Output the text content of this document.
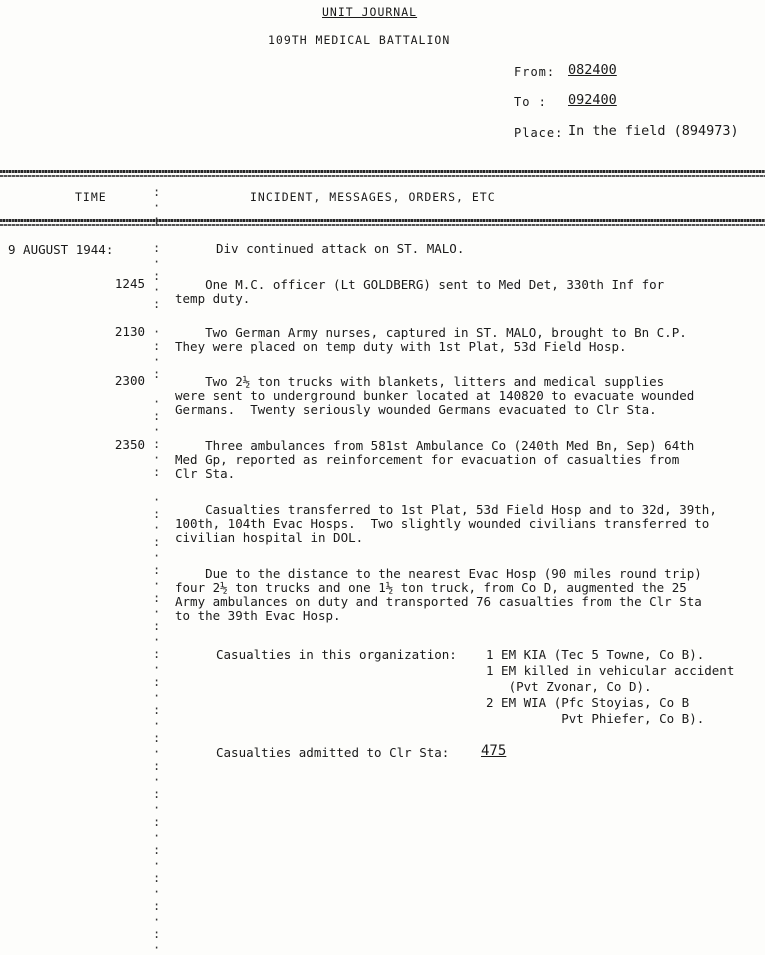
UNIT JOURNAL
109TH MEDICAL BATTALION
From: 082400
To : 092400
Place: In the field (894973)
TIME	INCIDENT, MESSAGES, ORDERS, ETC
:
·
:

:
·
:
·
:

·
:
·
:

·
:
·
:
·
:

·
:
·
:
·
:
·
:
·
:
·
:
·
:
·
:
·
:
·
:
·
:
·
:
·
:
·
:
·
:
·
:
·
9 AUGUST 1944:	Div continued attack on ST. MALO.
1245 One M.C. officer (Lt GOLDBERG) sent to Med Det, 330th Inf for
temp duty.
2130 Two German Army nurses, captured in ST. MALO, brought to Bn C.P.
They were placed on temp duty with 1st Plat, 53d Field Hosp.
2300 Two 2½ ton trucks with blankets, litters and medical supplies
were sent to underground bunker located at 140820 to evacuate wounded
Germans.  Twenty seriously wounded Germans evacuated to Clr Sta.
2350 Three ambulances from 581st Ambulance Co (240th Med Bn, Sep) 64th
Med Gp, reported as reinforcement for evacuation of casualties from
Clr Sta.
Casualties transferred to 1st Plat, 53d Field Hosp and to 32d, 39th,
100th, 104th Evac Hosps.  Two slightly wounded civilians transferred to
civilian hospital in DOL.
Due to the distance to the nearest Evac Hosp (90 miles round trip)
four 2½ ton trucks and one 1½ ton truck, from Co D, augmented the 25
Army ambulances on duty and transported 76 casualties from the Clr Sta
to the 39th Evac Hosp.
Casualties in this organization: 1 EM KIA (Tec 5 Towne, Co B).
1 EM killed in vehicular accident
(Pvt Zvonar, Co D).
2 EM WIA (Pfc Stoyias, Co B
Pvt Phiefer, Co B).
Casualties admitted to Clr Sta: 475
